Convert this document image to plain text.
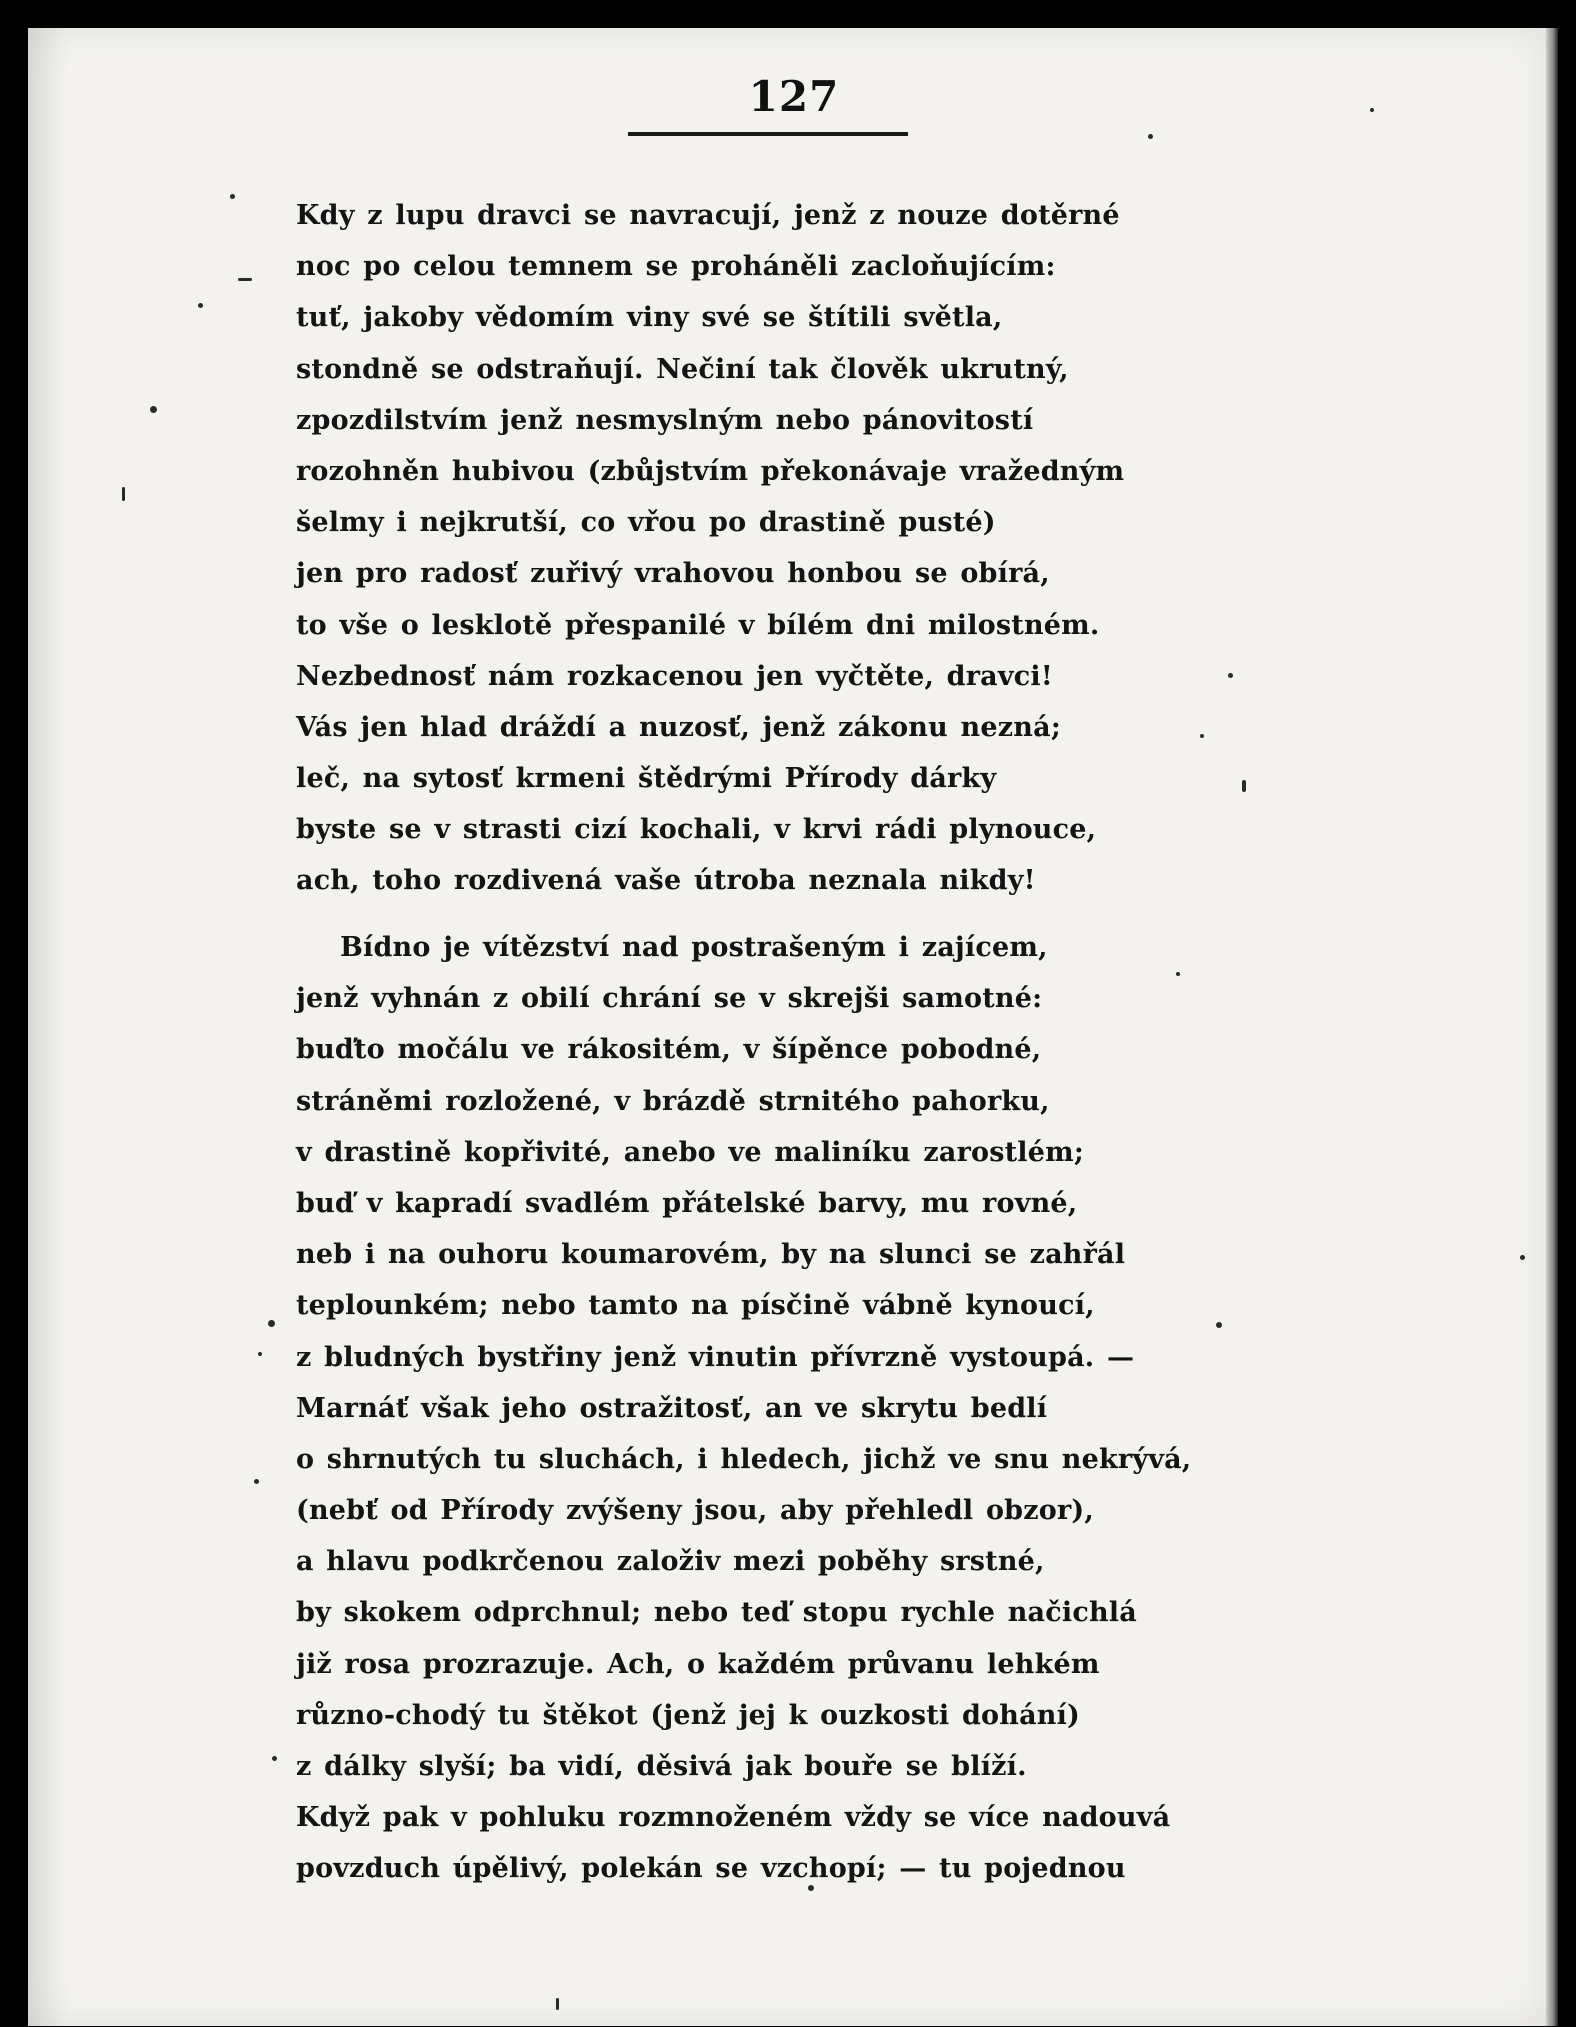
127
Kdy z lupu dravci se navracují, jenž z nouze dotěrné
noc po celou temnem se proháněli zacloňujícím:
tuť, jakoby vědomím viny své se štítili světla,
stondně se odstraňují. Nečiní tak člověk ukrutný,
zpozdilstvím jenž nesmyslným nebo pánovitostí
rozohněn hubivou (zbůjstvím překonávaje vražedným
šelmy i nejkrutší, co vřou po drastině pusté)
jen pro radosť zuřivý vrahovou honbou se obírá,
to vše o lesklotě přespanilé v bílém dni milostném.
Nezbednosť nám rozkacenou jen vyčtěte, dravci!
Vás jen hlad dráždí a nuzosť, jenž zákonu nezná;
leč, na sytosť krmeni štědrými Přírody dárky
byste se v strasti cizí kochali, v krvi rádi plynouce,
ach, toho rozdivená vaše útroba neznala nikdy!
Bídno je vítězství nad postrašeným i zajícem,
jenž vyhnán z obilí chrání se v skrejši samotné:
buďto močálu ve rákositém, v šípěnce pobodné,
stráněmi rozložené, v brázdě strnitého pahorku,
v drastině kopřivité, anebo ve maliníku zarostlém;
buď v kapradí svadlém přátelské barvy, mu rovné,
neb i na ouhoru koumarovém, by na slunci se zahřál
teplounkém; nebo tamto na písčině vábně kynoucí,
z bludných bystřiny jenž vinutin přívrzně vystoupá. —
Marnáť však jeho ostražitosť, an ve skrytu bedlí
o shrnutých tu sluchách, i hledech, jichž ve snu nekrývá,
(nebť od Přírody zvýšeny jsou, aby přehledl obzor),
a hlavu podkrčenou založiv mezi poběhy srstné,
by skokem odprchnul; nebo teď stopu rychle načichlá
již rosa prozrazuje. Ach, o každém průvanu lehkém
různo-chodý tu štěkot (jenž jej k ouzkosti dohání)
z dálky slyší; ba vidí, děsivá jak bouře se blíží.
Když pak v pohluku rozmnoženém vždy se více nadouvá
povzduch úpělivý, polekán se vzchopí; — tu pojednou
